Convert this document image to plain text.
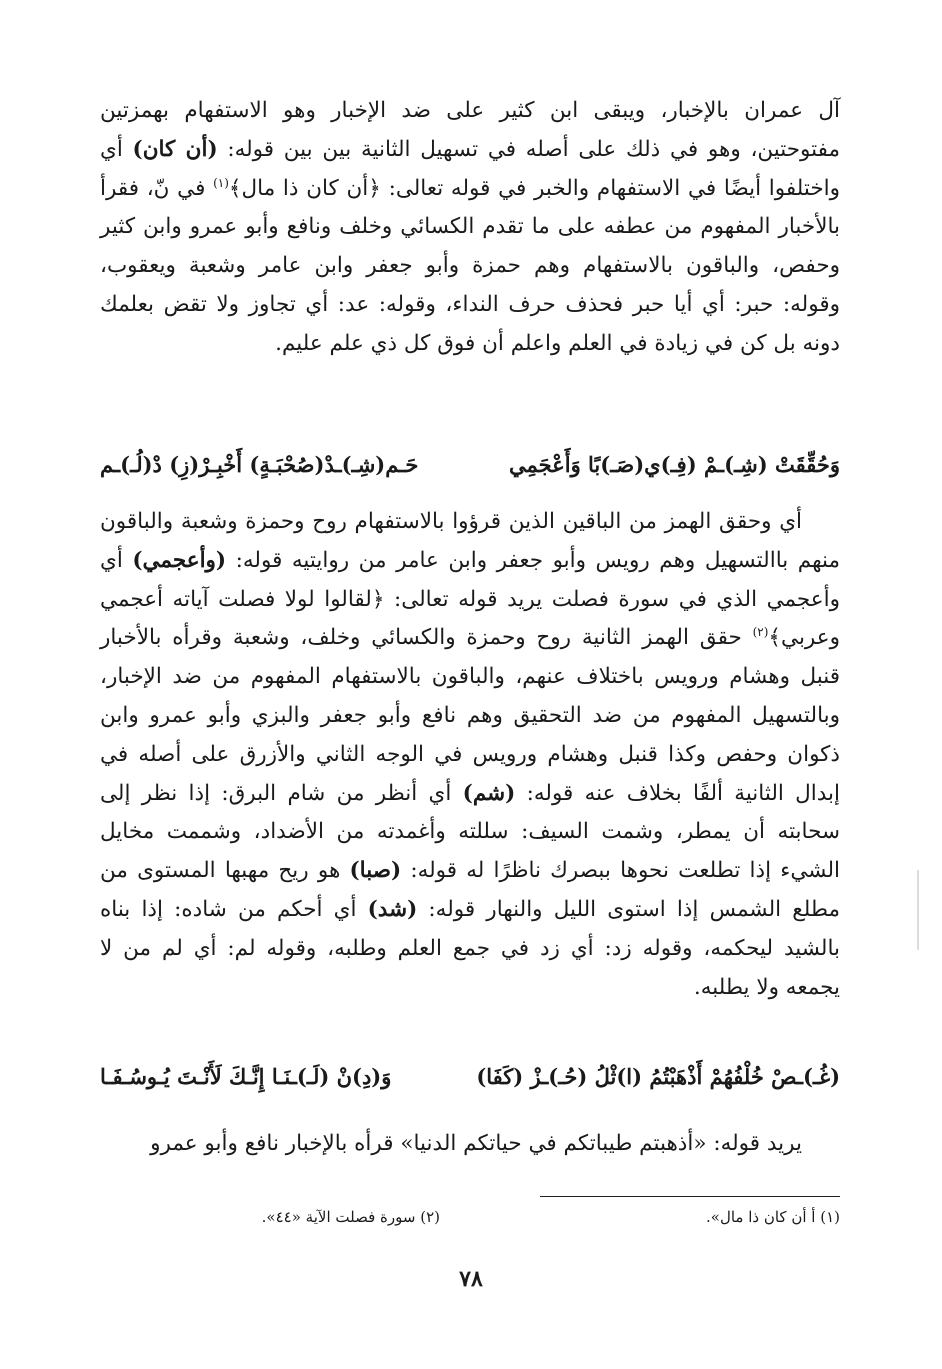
آل عمران بالإخبار، ويبقى ابن كثير على ضد الإخبار وهو الاستفهام بهمزتين مفتوحتين، وهو في ذلك على أصله في تسهيل الثانية بين بين قوله: (أن كان) أي واختلفوا أيضًا في الاستفهام والخبر في قوله تعالى: ﴿أن كان ذا مال﴾$^{(١)}$ في نّ، فقرأ بالأخبار المفهوم من عطفه على ما تقدم الكسائي وخلف ونافع وأبو عمرو وابن كثير وحفص، والباقون بالاستفهام وهم حمزة وأبو جعفر وابن عامر وشعبة ويعقوب، وقوله: حبر: أي أيا حبر فحذف حرف النداء، وقوله: عد: أي تجاوز ولا تقض بعلمك دونه بل كن في زيادة في العلم واعلم أن فوق كل ذي علم عليم.

وَحُقِّقَتْ (شِـ)ـمْ (فِـ)ي(صَـ)بًا وَأَعْجَمِي
حَـم(شِـ)ـدْ(صُحْبَـةٍ) أَخْبِـرْ(زِ) دْ(لُـ)ـم

أي وحقق الهمز من الباقين الذين قرؤوا بالاستفهام روح وحمزة وشعبة والباقون منهم باالتسهيل وهم رويس وأبو جعفر وابن عامر من روايتيه قوله: (وأعجمي) أي وأعجمي الذي في سورة فصلت يريد قوله تعالى: ﴿لقالوا لولا فصلت آياته أعجمي وعربي﴾$^{(٢)}$ حقق الهمز الثانية روح وحمزة والكسائي وخلف، وشعبة وقرأه بالأخبار قنبل وهشام ورويس باختلاف عنهم، والباقون بالاستفهام المفهوم من ضد الإخبار، وبالتسهيل المفهوم من ضد التحقيق وهم نافع وأبو جعفر والبزي وأبو عمرو وابن ذكوان وحفص وكذا قنبل وهشام ورويس في الوجه الثاني والأزرق على أصله في إبدال الثانية ألفًا بخلاف عنه قوله: (شم) أي أنظر من شام البرق: إذا نظر إلى سحابته أن يمطر، وشمت السيف: سللته وأغمدته من الأضداد، وشممت مخايل الشيء إذا تطلعت نحوها ببصرك ناظرًا له قوله: (صبا) هو ريح مهبها المستوى من مطلع الشمس إذا استوى الليل والنهار قوله: (شد) أي أحكم من شاده: إذا بناه بالشيد ليحكمه، وقوله زد: أي زد في جمع العلم وطلبه، وقوله لم: أي لم من لا يجمعه ولا يطلبه.

(غُـ)ـصْ خُلْفُهُمْ أَذْهَبْتُمُ (ا)ثْلُ (حُـ)ـزْ (كَفَا)
وَ(دِ)نْ (لَـ)ـنَـا إِنَّـكَ لَأَنْـتَ يُـوسُـفَـا
يريد قوله: «أذهبتم طيباتكم في حياتكم الدنيا» قرأه بالإخبار نافع وأبو عمرو
(١) أ أن كان ذا مال».
(٢) سورة فصلت الآية «٤٤».
٧٨
